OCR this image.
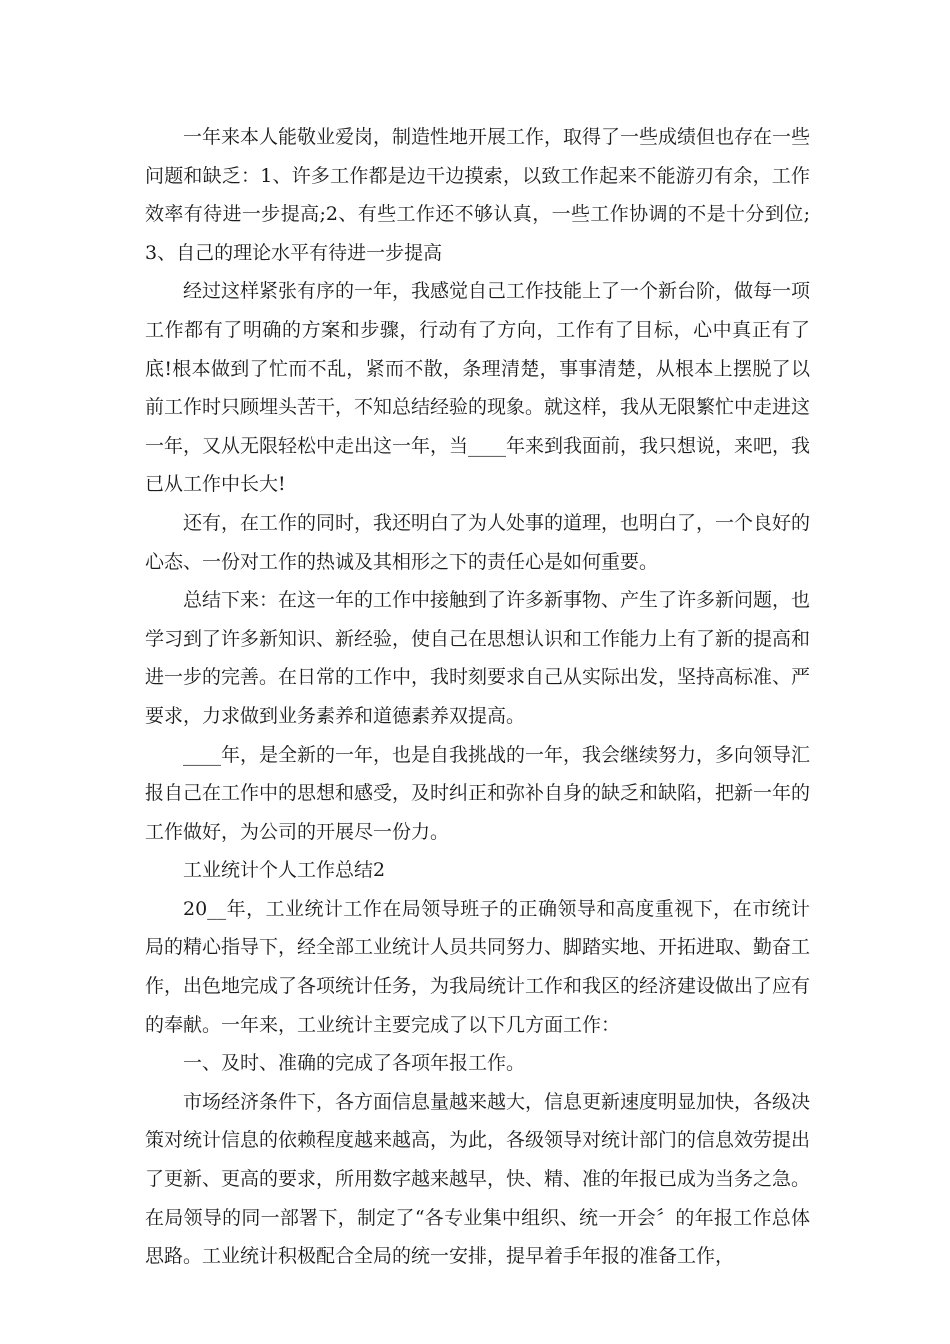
一年来本人能敬业爱岗，制造性地开展工作，取得了一些成绩但也存在一些问题和缺乏：1、许多工作都是边干边摸索，以致工作起来不能游刃有余，工作效率有待进一步提高;2、有些工作还不够认真，一些工作协调的不是十分到位;3、自己的理论水平有待进一步提高

经过这样紧张有序的一年，我感觉自己工作技能上了一个新台阶，做每一项工作都有了明确的方案和步骤，行动有了方向，工作有了目标，心中真正有了底!根本做到了忙而不乱，紧而不散，条理清楚，事事清楚，从根本上摆脱了以前工作时只顾埋头苦干，不知总结经验的现象。就这样，我从无限繁忙中走进这一年，又从无限轻松中走出这一年，当____年来到我面前，我只想说，来吧，我已从工作中长大!

还有，在工作的同时，我还明白了为人处事的道理，也明白了，一个良好的心态、一份对工作的热诚及其相形之下的责任心是如何重要。

总结下来：在这一年的工作中接触到了许多新事物、产生了许多新问题，也学习到了许多新知识、新经验，使自己在思想认识和工作能力上有了新的提高和进一步的完善。在日常的工作中，我时刻要求自己从实际出发，坚持高标准、严要求，力求做到业务素养和道德素养双提高。

____年，是全新的一年，也是自我挑战的一年，我会继续努力，多向领导汇报自己在工作中的思想和感受，及时纠正和弥补自身的缺乏和缺陷，把新一年的工作做好，为公司的开展尽一份力。

工业统计个人工作总结2

20__年，工业统计工作在局领导班子的正确领导和高度重视下，在市统计局的精心指导下，经全部工业统计人员共同努力、脚踏实地、开拓进取、勤奋工作，出色地完成了各项统计任务，为我局统计工作和我区的经济建设做出了应有的奉献。一年来，工业统计主要完成了以下几方面工作：

一、及时、准确的完成了各项年报工作。

市场经济条件下，各方面信息量越来越大，信息更新速度明显加快，各级决策对统计信息的依赖程度越来越高，为此，各级领导对统计部门的信息效劳提出了更新、更高的要求，所用数字越来越早，快、精、准的年报已成为当务之急。在局领导的同一部署下，制定了“各专业集中组织、统一开会〞的年报工作总体思路。工业统计积极配合全局的统一安排，提早着手年报的准备工作，
